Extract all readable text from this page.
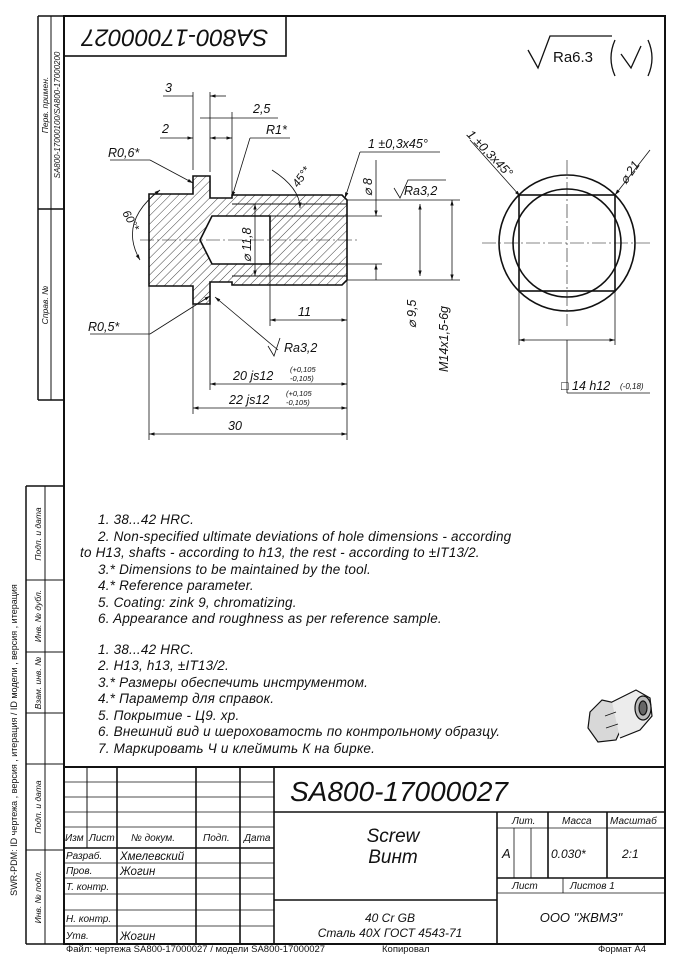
Перв. примен. SA800-17000100/SA800-17000200
Справ. №
Подп. и дата
Инв. № дубл.
Взам. инв. №
Подп. и дата
Инв. № подл.
SWR-PDM: ID чертежа , версия , итерация / ID модели , версия , итерация
SA800-17000027
Ra6.3
3
2,5
2	R1*
R0,6*
1 ±0,3x45°
45°*
60°*
⌀ 8 Ra3,2
⌀ 11,8
11	⌀ 9,5 M14x1,5-6g
R0,5*
Ra3,2
20 js12 (+0,105
-0,105)
22 js12 (+0,105
-0,105)
30
1 ±0,3x45°	⌀ 21
□ 14 h12 (-0,18)
SA800-17000027
Screw
Винт
Изм Лист № докум.	Подп. Дата
Разраб. Хмелевский
Пров. Жогин
Т. контр.
Н. контр.
Утв.	Жогин
Лит.	Масса Масштаб
А	0.030*	2:1
Лист	Листов 1
40 Cr GB
Сталь 40Х ГОСТ 4543-71
ООО "ЖВМЗ"
1. 38...42 HRC.
2. Non-specified ultimate deviations of hole dimensions - according
to H13, shafts - according to h13, the rest - according to ±IT13/2.
3.* Dimensions to be maintained by the tool.
4.* Reference parameter.
5. Coating: zink 9, chromatizing.
6. Appearance and roughness as per reference sample.
1. 38...42 HRC.
2. H13, h13, ±IT13/2.
3.* Размеры обеспечить инструментом.
4.* Параметр для справок.
5. Покрытие - Ц9. хр.
6. Внешний вид и шероховатость по контрольному образцу.
7. Маркировать Ч и клеймить К на бирке.
Файл: чертежа SA800-17000027 / модели SA800-17000027	Копировал	Формат А4
